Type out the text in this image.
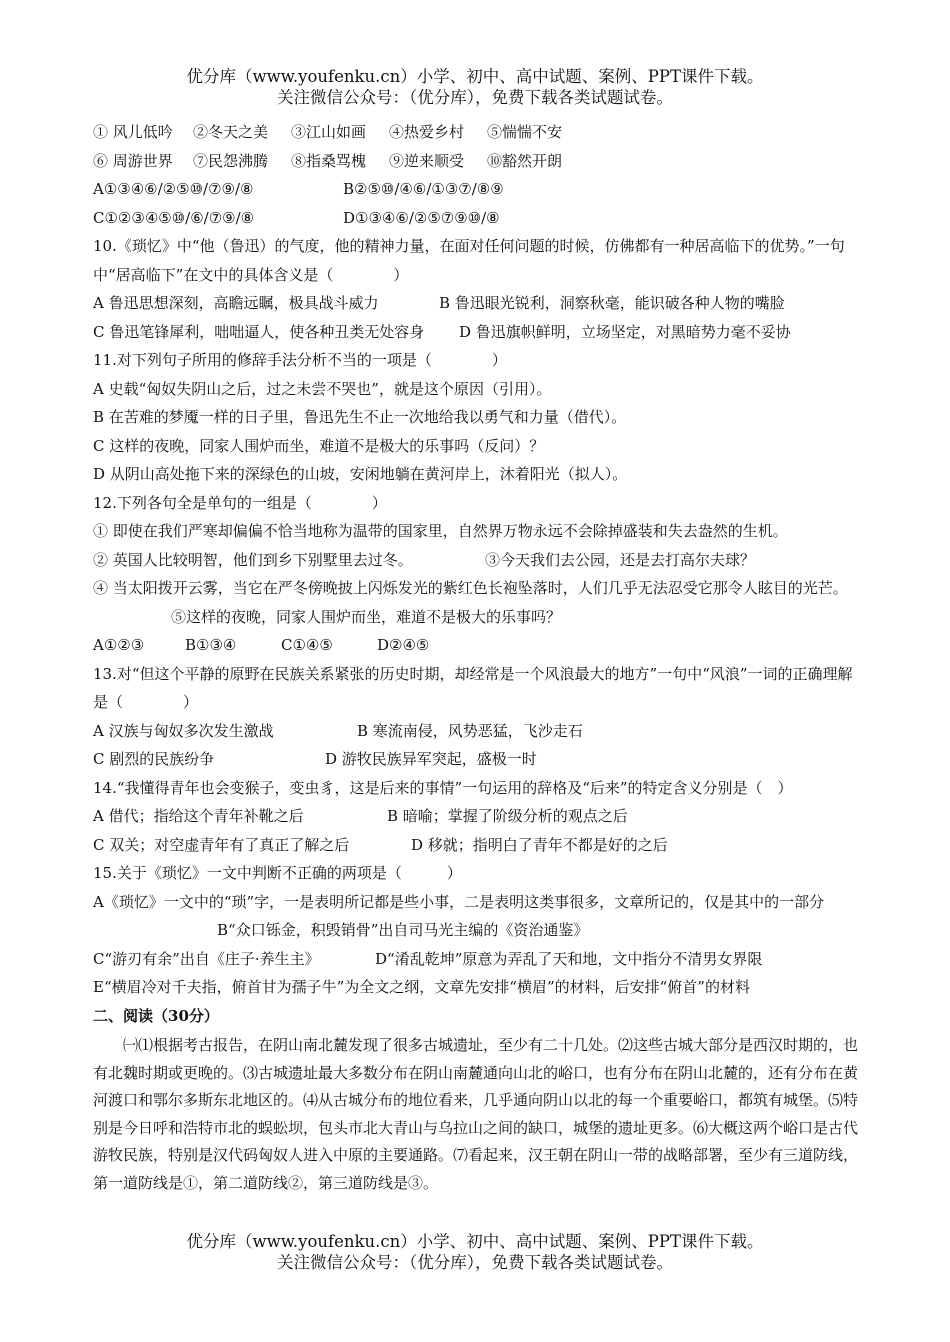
优分库（www.youfenku.cn）小学、初中、高中试题、案例、PPT课件下载。
关注微信公众号：（优分库），免费下载各类试题试卷。
① 风儿低吟 ②冬天之美 ③江山如画 ④热爱乡村 ⑤惴惴不安
⑥ 周游世界 ⑦民怨沸腾 ⑧指桑骂槐 ⑨逆来顺受 ⑩豁然开朗
A①③④⑥/②⑤⑩/⑦⑨/⑧	B②⑤⑩/④⑥/①③⑦/⑧⑨
C①②③④⑤⑩/⑥/⑦⑨/⑧	D①③④⑥/②⑤⑦⑨⑩/⑧
10.《琐忆》中“他（鲁迅）的气度，他的精神力量，在面对任何问题的时候，仿佛都有一种居高临下的优势。”一句中“居高临下”在文中的具体含义是（　　　　）
A 鲁迅思想深刻，高瞻远瞩，极具战斗威力	B 鲁迅眼光锐利，洞察秋毫，能识破各种人物的嘴脸
C 鲁迅笔锋犀利，咄咄逼人，使各种丑类无处容身 D 鲁迅旗帜鲜明，立场坚定，对黑暗势力毫不妥协
11.对下列句子所用的修辞手法分析不当的一项是（　　　　）
A 史载“匈奴失阴山之后，过之未尝不哭也”，就是这个原因（引用）。
B 在苦难的梦魇一样的日子里，鲁迅先生不止一次地给我以勇气和力量（借代）。
C 这样的夜晚，同家人围炉而坐，难道不是极大的乐事吗（反问）？
D 从阴山高处拖下来的深绿色的山坡，安闲地躺在黄河岸上，沐着阳光（拟人）。
12.下列各句全是单句的一组是（　　　　）
① 即使在我们严寒却偏偏不恰当地称为温带的国家里，自然界万物永远不会除掉盛装和失去盎然的生机。
② 英国人比较明智，他们到乡下别墅里去过冬。	③今天我们去公园，还是去打高尔夫球？
④ 当太阳拨开云雾，当它在严冬傍晚披上闪烁发光的紫红色长袍坠落时，人们几乎无法忍受它那令人眩目的光芒。⑤这样的夜晚，同家人围炉而坐，难道不是极大的乐事吗？
A①②③	B①③④	C①④⑤	D②④⑤
13.对“但这个平静的原野在民族关系紧张的历史时期，却经常是一个风浪最大的地方”一句中“风浪”一词的正确理解是（　　　　）
A 汉族与匈奴多次发生激战	B 寒流南侵，风势恶猛，飞沙走石
C 剧烈的民族纷争	D 游牧民族异军突起，盛极一时
14.“我懂得青年也会变猴子，变虫豸，这是后来的事情”一句运用的辞格及“后来”的特定含义分别是（　）
A 借代；指给这个青年补靴之后	B 暗喻；掌握了阶级分析的观点之后
C 双关；对空虚青年有了真正了解之后	D 移就；指明白了青年不都是好的之后
15.关于《琐忆》一文中判断不正确的两项是（　　　）
A《琐忆》一文中的“琐”字，一是表明所记都是些小事，二是表明这类事很多，文章所记的，仅是其中的一部分B“众口铄金，积毁销骨”出自司马光主编的《资治通鉴》
C“游刃有余”出自《庄子·养生主》	D“淆乱乾坤”原意为弄乱了天和地，文中指分不清男女界限
E“横眉冷对千夫指，俯首甘为孺子牛”为全文之纲，文章先安排“横眉”的材料，后安排“俯首”的材料
二、阅读（30分）
㈠⑴根据考古报告，在阴山南北麓发现了很多古城遗址，至少有二十几处。⑵这些古城大部分是西汉时期的，也有北魏时期或更晚的。⑶古城遗址最大多数分布在阴山南麓通向山北的峪口，也有分布在阴山北麓的，还有分布在黄河渡口和鄂尔多斯东北地区的。⑷从古城分布的地位看来，几乎通向阴山以北的每一个重要峪口，都筑有城堡。⑸特别是今日呼和浩特市北的蜈蚣坝，包头市北大青山与乌拉山之间的缺口，城堡的遗址更多。⑹大概这两个峪口是古代游牧民族，特别是汉代码匈奴人进入中原的主要通路。⑺看起来，汉王朝在阴山一带的战略部署，至少有三道防线，第一道防线是①，第二道防线②，第三道防线是③。
优分库（www.youfenku.cn）小学、初中、高中试题、案例、PPT课件下载。
关注微信公众号：（优分库），免费下载各类试题试卷。
